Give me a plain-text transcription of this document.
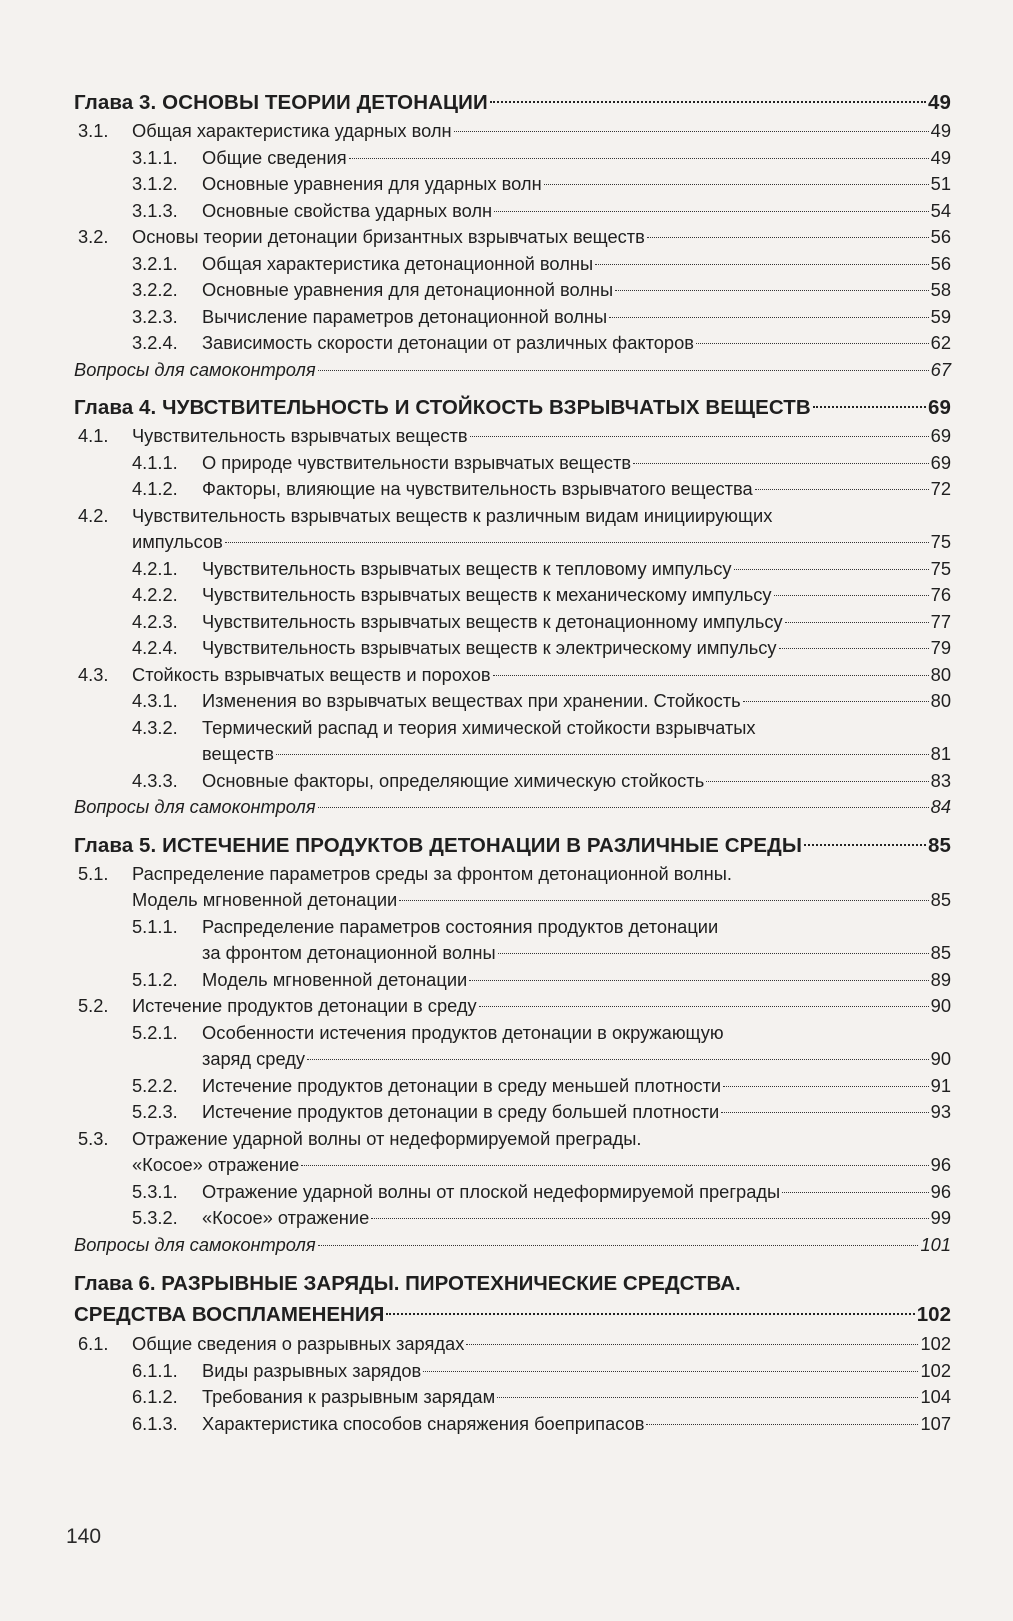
Глава 3. ОСНОВЫ ТЕОРИИ ДЕТОНАЦИИ	49
3.1.	Общая характеристика ударных волн	49
3.1.1.	Общие сведения	49
3.1.2.	Основные уравнения для ударных волн	51
3.1.3.	Основные свойства ударных волн	54
3.2.	Основы теории детонации бризантных взрывчатых веществ	56
3.2.1.	Общая характеристика детонационной волны	56
3.2.2.	Основные уравнения для детонационной волны	58
3.2.3.	Вычисление параметров детонационной волны	59
3.2.4.	Зависимость скорости детонации от различных факторов	62
Вопросы для самоконтроля	67
Глава 4. ЧУВСТВИТЕЛЬНОСТЬ И СТОЙКОСТЬ ВЗРЫВЧАТЫХ ВЕЩЕСТВ	69
4.1.	Чувствительность взрывчатых веществ	69
4.1.1.	О природе чувствительности взрывчатых веществ	69
4.1.2.	Факторы, влияющие на чувствительность взрывчатого вещества	72
4.2. Чувствительность взрывчатых веществ к различным видам инициирующих
импульсов	75
4.2.1.	Чувствительность взрывчатых веществ к тепловому импульсу	75
4.2.2.	Чувствительность взрывчатых веществ к механическому импульсу	76
4.2.3.	Чувствительность взрывчатых веществ к детонационному импульсу	77
4.2.4.	Чувствительность взрывчатых веществ к электрическому импульсу	79
4.3.	Стойкость взрывчатых веществ и порохов	80
4.3.1.	Изменения во взрывчатых веществах при хранении. Стойкость	80
4.3.2. Термический распад и теория химической стойкости взрывчатых
веществ	81
4.3.3.	Основные факторы, определяющие химическую стойкость	83
Вопросы для самоконтроля	84
Глава 5. ИСТЕЧЕНИЕ ПРОДУКТОВ ДЕТОНАЦИИ В РАЗЛИЧНЫЕ СРЕДЫ	85
5.1. Распределение параметров среды за фронтом детонационной волны.
Модель мгновенной детонации	85
5.1.1. Распределение параметров состояния продуктов детонации
за фронтом детонационной волны	85
5.1.2.	Модель мгновенной детонации	89
5.2.	Истечение продуктов детонации в среду	90
5.2.1. Особенности истечения продуктов детонации в окружающую
заряд среду	90
5.2.2.	Истечение продуктов детонации в среду меньшей плотности	91
5.2.3.	Истечение продуктов детонации в среду большей плотности	93
5.3. Отражение ударной волны от недеформируемой преграды.
«Косое» отражение	96
5.3.1.	Отражение ударной волны от плоской недеформируемой преграды	96
5.3.2.	«Косое» отражение	99
Вопросы для самоконтроля	101
Глава 6. РАЗРЫВНЫЕ ЗАРЯДЫ. ПИРОТЕХНИЧЕСКИЕ СРЕДСТВА.
СРЕДСТВА ВОСПЛАМЕНЕНИЯ	102
6.1.	Общие сведения о разрывных зарядах	102
6.1.1.	Виды разрывных зарядов	102
6.1.2.	Требования к разрывным зарядам	104
6.1.3.	Характеристика способов снаряжения боеприпасов	107
140
